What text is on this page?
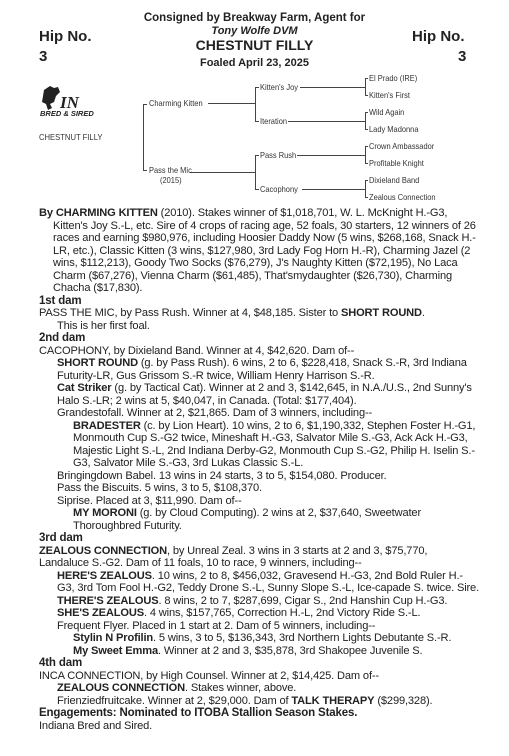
Hip No.
3
Hip No.
3
Consigned by Breakway Farm, Agent for
Tony Wolfe DVM
CHESTNUT FILLY
Foaled April 23, 2025
IN
BRED & SIRED
CHESTNUT FILLY
Charming Kitten
Pass the Mic
(2015)
Kitten's Joy
Iteration
Pass Rush
Cacophony
El Prado (IRE)
Kitten's First
Wild Again
Lady Madonna
Crown Ambassador
Profitable Knight
Dixieland Band
Zealous Connection

By CHARMING KITTEN (2010). Stakes winner of $1,018,701, W. L. McKnight H.-G3, Kitten's Joy S.-L, etc. Sire of 4 crops of racing age, 52 foals, 30 starters, 12 winners of 26 races and earning $980,976, including Hoosier Daddy Now (5 wins, $268,168, Snack H.-LR, etc.), Classic Kitten (3 wins, $127,980, 3rd Lady Fog Horn H.-R), Charming Jazel (2 wins, $112,213), Goody Two Socks ($76,279), J's Naughty Kitten ($72,195), No Laca Charm ($67,276), Vienna Charm ($61,485), That'smydaughter ($26,730), Charming Chacha ($17,830).

1st dam

PASS THE MIC, by Pass Rush. Winner at 4, $48,185. Sister to SHORT ROUND.

This is her first foal.

2nd dam

CACOPHONY, by Dixieland Band. Winner at 4, $42,620. Dam of--

SHORT ROUND (g. by Pass Rush). 6 wins, 2 to 6, $228,418, Snack S.-R, 3rd Indiana Futurity-LR, Gus Grissom S.-R twice, William Henry Harrison S.-R.

Cat Striker (g. by Tactical Cat). Winner at 2 and 3, $142,645, in N.A./U.S., 2nd Sunny's Halo S.-LR; 2 wins at 5, $40,047, in Canada. (Total: $177,404).

Grandestofall. Winner at 2, $21,865. Dam of 3 winners, including--

BRADESTER (c. by Lion Heart). 10 wins, 2 to 6, $1,190,332, Stephen Foster H.-G1, Monmouth Cup S.-G2 twice, Mineshaft H.-G3, Salvator Mile S.-G3, Ack Ack H.-G3, Majestic Light S.-L, 2nd Indiana Derby-G2, Monmouth Cup S.-G2, Philip H. Iselin S.-G3, Salvator Mile S.-G3, 3rd Lukas Classic S.-L.

Bringingdown Babel. 13 wins in 24 starts, 3 to 5, $154,080. Producer.

Pass the Biscuits. 5 wins, 3 to 5, $108,370.

Siprise. Placed at 3, $11,990. Dam of--

MY MORONI (g. by Cloud Computing). 2 wins at 2, $37,640, Sweetwater Thoroughbred Futurity.

3rd dam

ZEALOUS CONNECTION, by Unreal Zeal. 3 wins in 3 starts at 2 and 3, $75,770, Landaluce S.-G2. Dam of 11 foals, 10 to race, 9 winners, including--

HERE'S ZEALOUS. 10 wins, 2 to 8, $456,032, Gravesend H.-G3, 2nd Bold Ruler H.-G3, 3rd Tom Fool H.-G2, Teddy Drone S.-L, Sunny Slope S.-L, Ice-capade S. twice. Sire.

THERE'S ZEALOUS. 8 wins, 2 to 7, $287,699, Cigar S., 2nd Hanshin Cup H.-G3.

SHE'S ZEALOUS. 4 wins, $157,765, Correction H.-L, 2nd Victory Ride S.-L.

Frequent Flyer. Placed in 1 start at 2. Dam of 5 winners, including--

Stylin N Profilin. 5 wins, 3 to 5, $136,343, 3rd Northern Lights Debutante S.-R.

My Sweet Emma. Winner at 2 and 3, $35,878, 3rd Shakopee Juvenile S.

4th dam

INCA CONNECTION, by High Counsel. Winner at 2, $14,425. Dam of--

ZEALOUS CONNECTION. Stakes winner, above.

Frienziedfruitcake. Winner at 2, $29,000. Dam of TALK THERAPY ($299,328).

Engagements: Nominated to ITOBA Stallion Season Stakes.

Indiana Bred and Sired.
